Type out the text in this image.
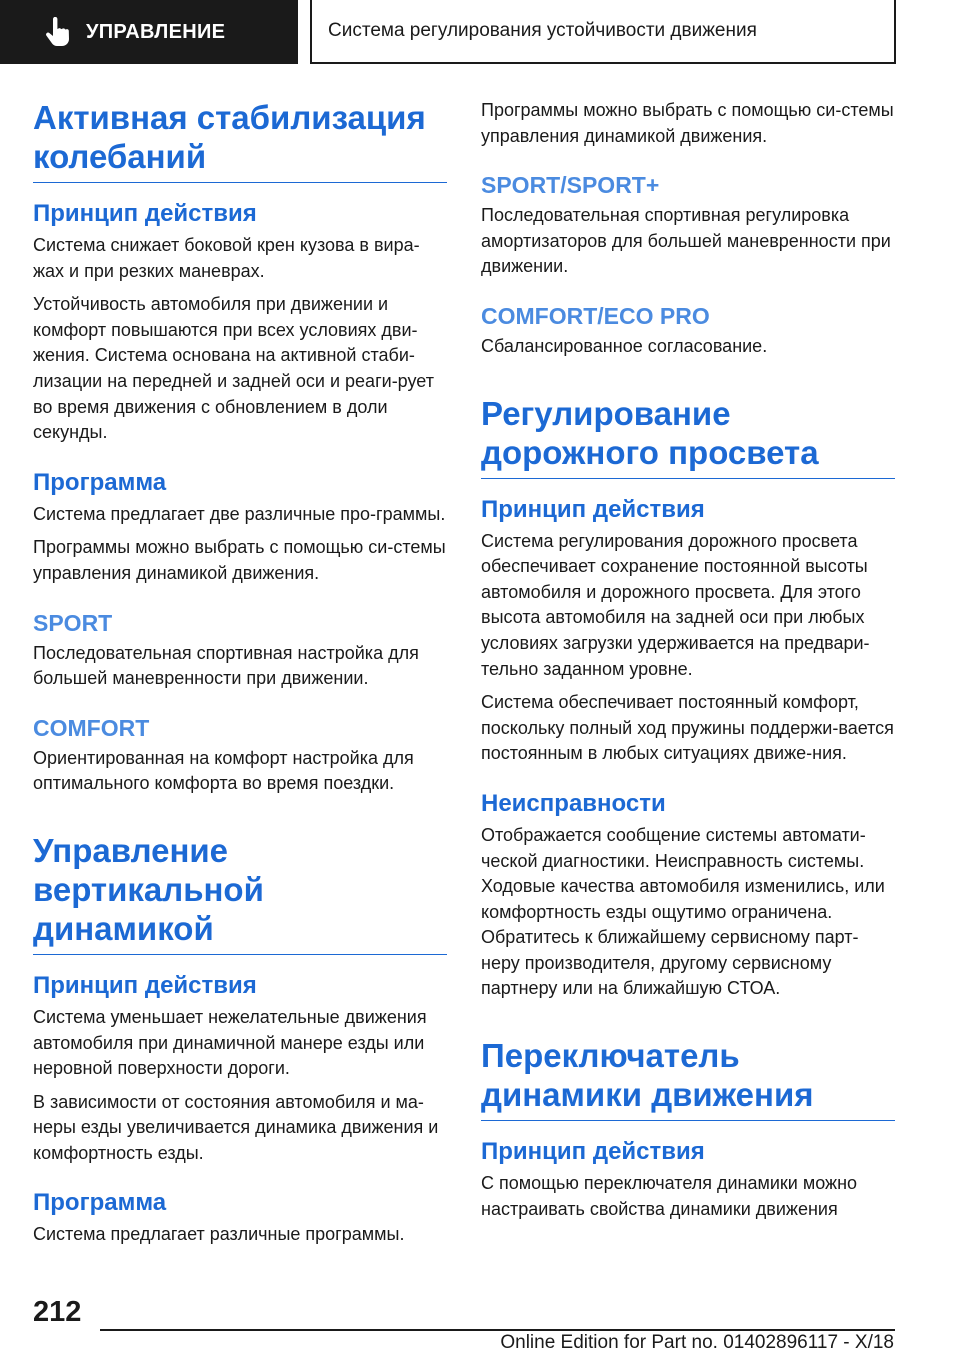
УПРАВЛЕНИЕ	Система регулирования устойчивости движения
Активная стабилизация колебаний
Принцип действия

Система снижает боковой крен кузова в вира-жах и при резких маневрах.

Устойчивость автомобиля при движении и комфорт повышаются при всех условиях дви-жения. Система основана на активной стаби-лизации на передней и задней оси и реаги-рует во время движения с обновлением в доли секунды.

Программа

Система предлагает две различные про-граммы.

Программы можно выбрать с помощью си-стемы управления динамикой движения.

SPORT

Последовательная спортивная настройка для большей маневренности при движении.

COMFORT

Ориентированная на комфорт настройка для оптимального комфорта во время поездки.

Управление вертикальной динамикой
Принцип действия

Система уменьшает нежелательные движения автомобиля при динамичной манере езды или неровной поверхности дороги.

В зависимости от состояния автомобиля и ма-неры езды увеличивается динамика движения и комфортность езды.

Программа

Система предлагает различные программы.

Программы можно выбрать с помощью си-стемы управления динамикой движения.

SPORT/SPORT+

Последовательная спортивная регулировка амортизаторов для большей маневренности при движении.

COMFORT/ECO PRO

Сбалансированное согласование.

Регулирование дорожного просвета
Принцип действия

Система регулирования дорожного просвета обеспечивает сохранение постоянной высоты автомобиля и дорожного просвета. Для этого высота автомобиля на задней оси при любых условиях загрузки удерживается на предвари-тельно заданном уровне.

Система обеспечивает постоянный комфорт, поскольку полный ход пружины поддержи-вается постоянным в любых ситуациях движе-ния.

Неисправности

Отображается сообщение системы автомати-ческой диагностики. Неисправность системы. Ходовые качества автомобиля изменились, или комфортность езды ощутимо ограничена. Обратитесь к ближайшему сервисному парт-неру производителя, другому сервисному партнеру или на ближайшую СТОА.

Переключатель динамики движения
Принцип действия

С помощью переключателя динамики можно настраивать свойства динамики движения

212
Online Edition for Part no. 01402896117 - X/18
